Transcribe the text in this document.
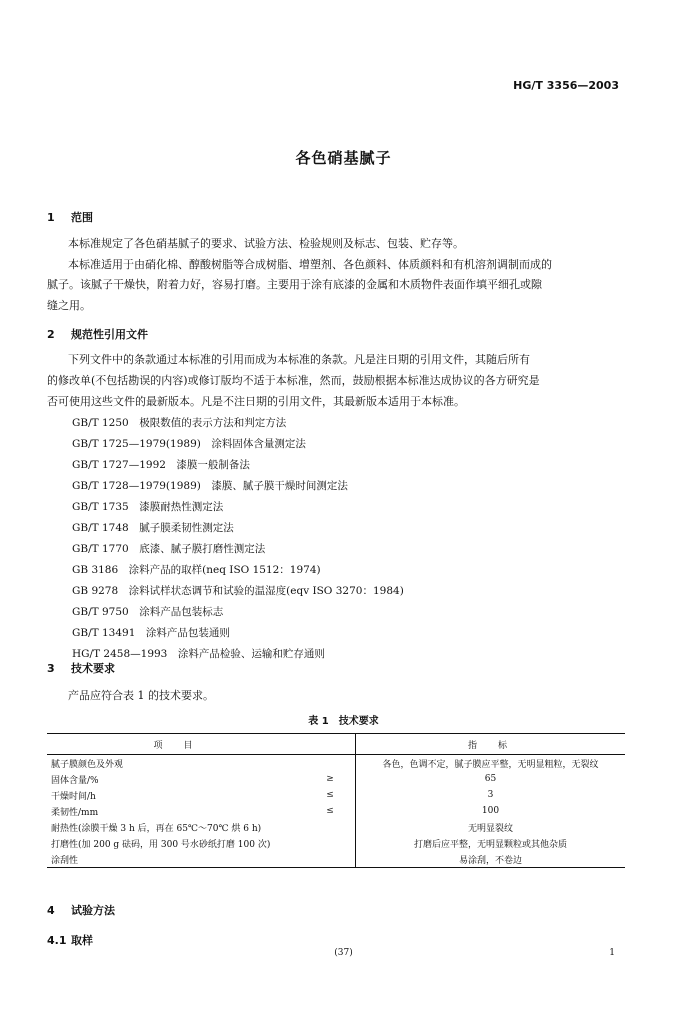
HG/T 3356—2003
各色硝基腻子
1 范围
本标准规定了各色硝基腻子的要求、试验方法、检验规则及标志、包装、贮存等。
本标准适用于由硝化棉、醇酸树脂等合成树脂、增塑剂、各色颜料、体质颜料和有机溶剂调制而成的
腻子。该腻子干燥快，附着力好，容易打磨。主要用于涂有底漆的金属和木质物件表面作填平细孔或隙
缝之用。
2 规范性引用文件
下列文件中的条款通过本标准的引用而成为本标准的条款。凡是注日期的引用文件，其随后所有
的修改单(不包括勘误的内容)或修订版均不适于本标准，然而，鼓励根据本标准达成协议的各方研究是
否可使用这些文件的最新版本。凡是不注日期的引用文件，其最新版本适用于本标准。
GB/T 1250　极限数值的表示方法和判定方法
GB/T 1725—1979(1989)　涂料固体含量测定法
GB/T 1727—1992　漆膜一般制备法
GB/T 1728—1979(1989)　漆膜、腻子膜干燥时间测定法
GB/T 1735　漆膜耐热性测定法
GB/T 1748　腻子膜柔韧性测定法
GB/T 1770　底漆、腻子膜打磨性测定法
GB 3186　涂料产品的取样(neq ISO 1512：1974)
GB 9278　涂料试样状态调节和试验的温湿度(eqv ISO 3270：1984)
GB/T 9750　涂料产品包装标志
GB/T 13491　涂料产品包装通则
HG/T 2458—1993　涂料产品检验、运输和贮存通则
3 技术要求
产品应符合表 1 的技术要求。
表 1　技术要求
项　目		指　标
腻子膜颜色及外观		各色，色调不定，腻子膜应平整，无明显粗粒，无裂纹
固体含量/%	≥	65
干燥时间/h	≤	3
柔韧性/mm	≤	100
耐热性(涂膜干燥 3 h 后，再在 65℃～70℃ 烘 6 h)		无明显裂纹
打磨性(加 200 g 砝码，用 300 号水砂纸打磨 100 次)		打磨后应平整，无明显颗粒或其他杂质
涂刮性		易涂刮，不卷边
4 试验方法
4.1 取样
(37)	1
